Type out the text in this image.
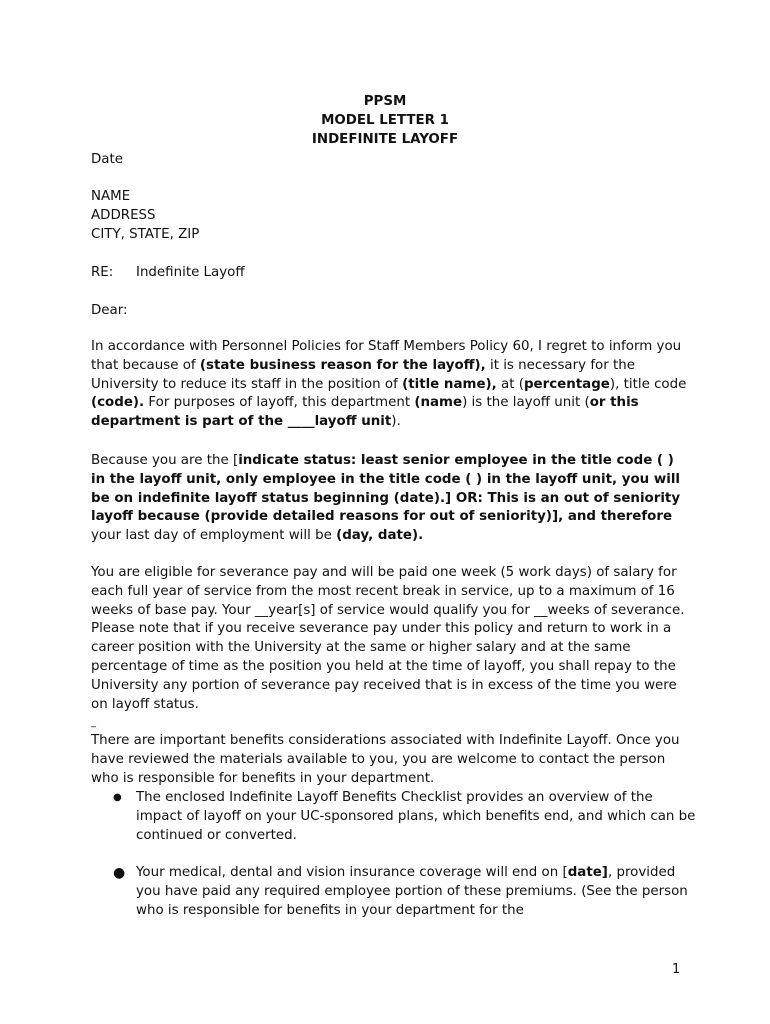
PPSM
MODEL LETTER 1
INDEFINITE LAYOFF
Date
NAME
ADDRESS
CITY, STATE, ZIP
RE: Indefinite Layoff
Dear:
In accordance with Personnel Policies for Staff Members Policy 60, I regret to inform you that because of (state business reason for the layoff), it is necessary for the University to reduce its staff in the position of (title name), at (percentage), title code (code). For purposes of layoff, this department (name) is the layoff unit (or this department is part of the ____layoff unit).
Because you are the [indicate status: least senior employee in the title code ( ) in the layoff unit, only employee in the title code ( ) in the layoff unit, you will be on indefinite layoff status beginning (date).] OR: This is an out of seniority layoff because (provide detailed reasons for out of seniority)], and therefore your last day of employment will be (day, date).
You are eligible for severance pay and will be paid one week (5 work days) of salary for each full year of service from the most recent break in service, up to a maximum of 16 weeks of base pay. Your __year[s] of service would qualify you for __weeks of severance. Please note that if you receive severance pay under this policy and return to work in a career position with the University at the same or higher salary and at the same percentage of time as the position you held at the time of layoff, you shall repay to the University any portion of severance pay received that is in excess of the time you were on layoff status.
_
There are important benefits considerations associated with Indefinite Layoff. Once you have reviewed the materials available to you, you are welcome to contact the person who is responsible for benefits in your department.
● The enclosed Indefinite Layoff Benefits Checklist provides an overview of the impact of layoff on your UC-sponsored plans, which benefits end, and which can be continued or converted.
● Your medical, dental and vision insurance coverage will end on [date], provided you have paid any required employee portion of these premiums. (See the person who is responsible for benefits in your department for the
1
